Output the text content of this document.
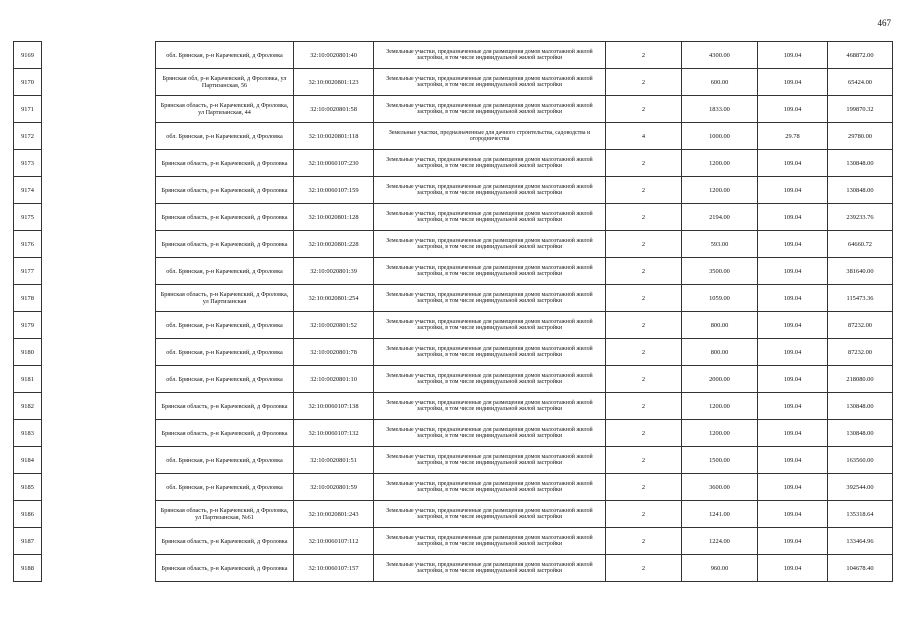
467
9169		обл. Брянская, р-н Карачевский, д Фроловка	32:10:0020801:40	Земельные участки, предназначенные для размещения домов малоэтажной жилой застройки, в том числе индивидуальной жилой застройки	2	4300.00	109.04	468872.00
9170		Брянская обл, р-н Карачевский, д Фроловка, ул Партизанская, 56	32:10:0020801:123	Земельные участки, предназначенные для размещения домов малоэтажной жилой застройки, в том числе индивидуальной жилой застройки	2	600.00	109.04	65424.00
9171		Брянская область, р-н Карачевский, д Фроловка, ул Партизанская, 44	32:10:0020801:58	Земельные участки, предназначенные для размещения домов малоэтажной жилой застройки, в том числе индивидуальной жилой застройки	2	1833.00	109.04	199870.32
9172		обл. Брянская, р-н Карачевский, д Фроловка	32:10:0020801:118	Земельные участки, предназначенные для дачного строительства, садоводства и огородничества	4	1000.00	29.78	29780.00
9173		Брянская область, р-н Карачевский, д Фроловка	32:10:0060107:230	Земельные участки, предназначенные для размещения домов малоэтажной жилой застройки, в том числе индивидуальной жилой застройки	2	1200.00	109.04	130848.00
9174		Брянская область, р-н Карачевский, д Фроловка	32:10:0060107:159	Земельные участки, предназначенные для размещения домов малоэтажной жилой застройки, в том числе индивидуальной жилой застройки	2	1200.00	109.04	130848.00
9175		Брянская область, р-н Карачевский, д Фроловка	32:10:0020801:128	Земельные участки, предназначенные для размещения домов малоэтажной жилой застройки, в том числе индивидуальной жилой застройки	2	2194.00	109.04	239233.76
9176		Брянская область, р-н Карачевский, д Фроловка	32:10:0020801:228	Земельные участки, предназначенные для размещения домов малоэтажной жилой застройки, в том числе индивидуальной жилой застройки	2	593.00	109.04	64660.72
9177		обл. Брянская, р-н Карачевский, д Фроловка	32:10:0020801:39	Земельные участки, предназначенные для размещения домов малоэтажной жилой застройки, в том числе индивидуальной жилой застройки	2	3500.00	109.04	381640.00
9178		Брянская область, р-н Карачевский, д Фроловка, ул Партизанская	32:10:0020801:254	Земельные участки, предназначенные для размещения домов малоэтажной жилой застройки, в том числе индивидуальной жилой застройки	2	1059.00	109.04	115473.36
9179		обл. Брянская, р-н Карачевский, д Фроловка	32:10:0020801:52	Земельные участки, предназначенные для размещения домов малоэтажной жилой застройки, в том числе индивидуальной жилой застройки	2	800.00	109.04	87232.00
9180		обл. Брянская, р-н Карачевский, д Фроловка	32:10:0020801:78	Земельные участки, предназначенные для размещения домов малоэтажной жилой застройки, в том числе индивидуальной жилой застройки	2	800.00	109.04	87232.00
9181		обл. Брянская, р-н Карачевский, д Фроловка	32:10:0020801:10	Земельные участки, предназначенные для размещения домов малоэтажной жилой застройки, в том числе индивидуальной жилой застройки	2	2000.00	109.04	218080.00
9182		Брянская область, р-н Карачевский, д Фроловка	32:10:0060107:138	Земельные участки, предназначенные для размещения домов малоэтажной жилой застройки, в том числе индивидуальной жилой застройки	2	1200.00	109.04	130848.00
9183		Брянская область, р-н Карачевский, д Фроловка	32:10:0060107:132	Земельные участки, предназначенные для размещения домов малоэтажной жилой застройки, в том числе индивидуальной жилой застройки	2	1200.00	109.04	130848.00
9184		обл. Брянская, р-н Карачевский, д Фроловка	32:10:0020801:51	Земельные участки, предназначенные для размещения домов малоэтажной жилой застройки, в том числе индивидуальной жилой застройки	2	1500.00	109.04	163560.00
9185		обл. Брянская, р-н Карачевский, д Фроловка	32:10:0020801:59	Земельные участки, предназначенные для размещения домов малоэтажной жилой застройки, в том числе индивидуальной жилой застройки	2	3600.00	109.04	392544.00
9186		Брянская область, р-н Карачевский, д Фроловка, ул Партизанская, №61	32:10:0020801:243	Земельные участки, предназначенные для размещения домов малоэтажной жилой застройки, в том числе индивидуальной жилой застройки	2	1241.00	109.04	135318.64
9187		Брянская область, р-н Карачевский, д Фроловка	32:10:0060107:112	Земельные участки, предназначенные для размещения домов малоэтажной жилой застройки, в том числе индивидуальной жилой застройки	2	1224.00	109.04	133464.96
9188		Брянская область, р-н Карачевский, д Фроловка	32:10:0060107:157	Земельные участки, предназначенные для размещения домов малоэтажной жилой застройки, в том числе индивидуальной жилой застройки	2	960.00	109.04	104678.40
